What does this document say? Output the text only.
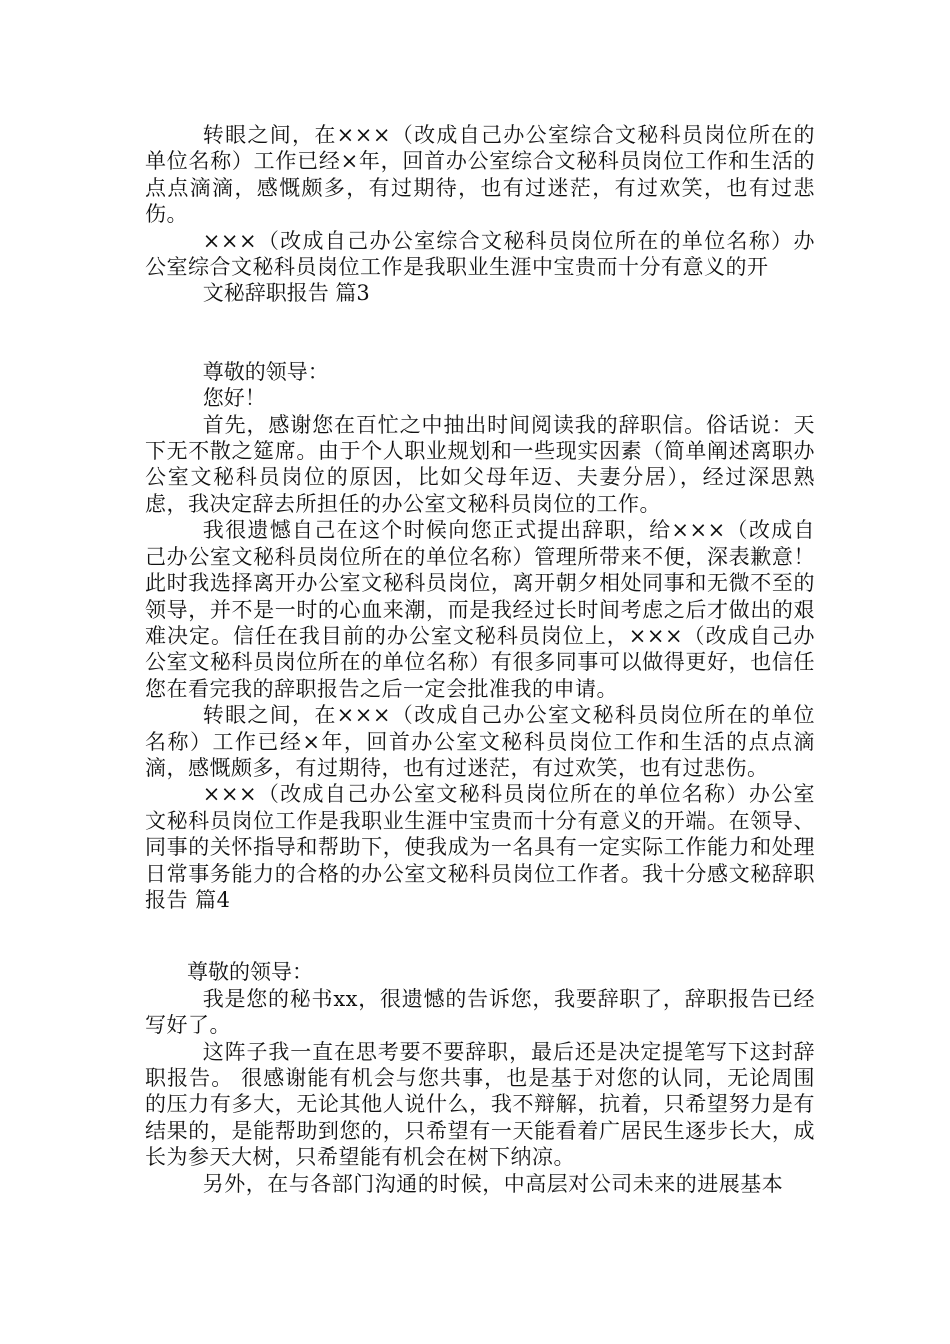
转眼之间，在×××（改成自己办公室综合文秘科员岗位所在的单位名称）工作已经×年，回首办公室综合文秘科员岗位工作和生活的点点滴滴，感慨颇多，有过期待，也有过迷茫，有过欢笑，也有过悲伤。

×××（改成自己办公室综合文秘科员岗位所在的单位名称）办公室综合文秘科员岗位工作是我职业生涯中宝贵而十分有意义的开

文秘辞职报告 篇3

尊敬的领导：

您好！

首先，感谢您在百忙之中抽出时间阅读我的辞职信。俗话说：天下无不散之筵席。由于个人职业规划和一些现实因素（简单阐述离职办公室文秘科员岗位的原因，比如父母年迈、夫妻分居），经过深思熟虑，我决定辞去所担任的办公室文秘科员岗位的工作。

我很遗憾自己在这个时候向您正式提出辞职，给×××（改成自己办公室文秘科员岗位所在的单位名称）管理所带来不便，深表歉意！此时我选择离开办公室文秘科员岗位，离开朝夕相处同事和无微不至的领导，并不是一时的心血来潮，而是我经过长时间考虑之后才做出的艰难决定。信任在我目前的办公室文秘科员岗位上，×××（改成自己办公室文秘科员岗位所在的单位名称）有很多同事可以做得更好，也信任您在看完我的辞职报告之后一定会批准我的申请。

转眼之间，在×××（改成自己办公室文秘科员岗位所在的单位名称）工作已经×年，回首办公室文秘科员岗位工作和生活的点点滴滴，感慨颇多，有过期待，也有过迷茫，有过欢笑，也有过悲伤。

×××（改成自己办公室文秘科员岗位所在的单位名称）办公室文秘科员岗位工作是我职业生涯中宝贵而十分有意义的开端。在领导、同事的关怀指导和帮助下，使我成为一名具有一定实际工作能力和处理日常事务能力的合格的办公室文秘科员岗位工作者。我十分感文秘辞职报告 篇4

尊敬的领导：

我是您的秘书xx，很遗憾的告诉您，我要辞职了，辞职报告已经写好了。

这阵子我一直在思考要不要辞职，最后还是决定提笔写下这封辞职报告。 很感谢能有机会与您共事，也是基于对您的认同，无论周围的压力有多大，无论其他人说什么，我不辩解，抗着，只希望努力是有结果的，是能帮助到您的，只希望有一天能看着广居民生逐步长大，成长为参天大树，只希望能有机会在树下纳凉。

另外，在与各部门沟通的时候，中高层对公司未来的进展基本
